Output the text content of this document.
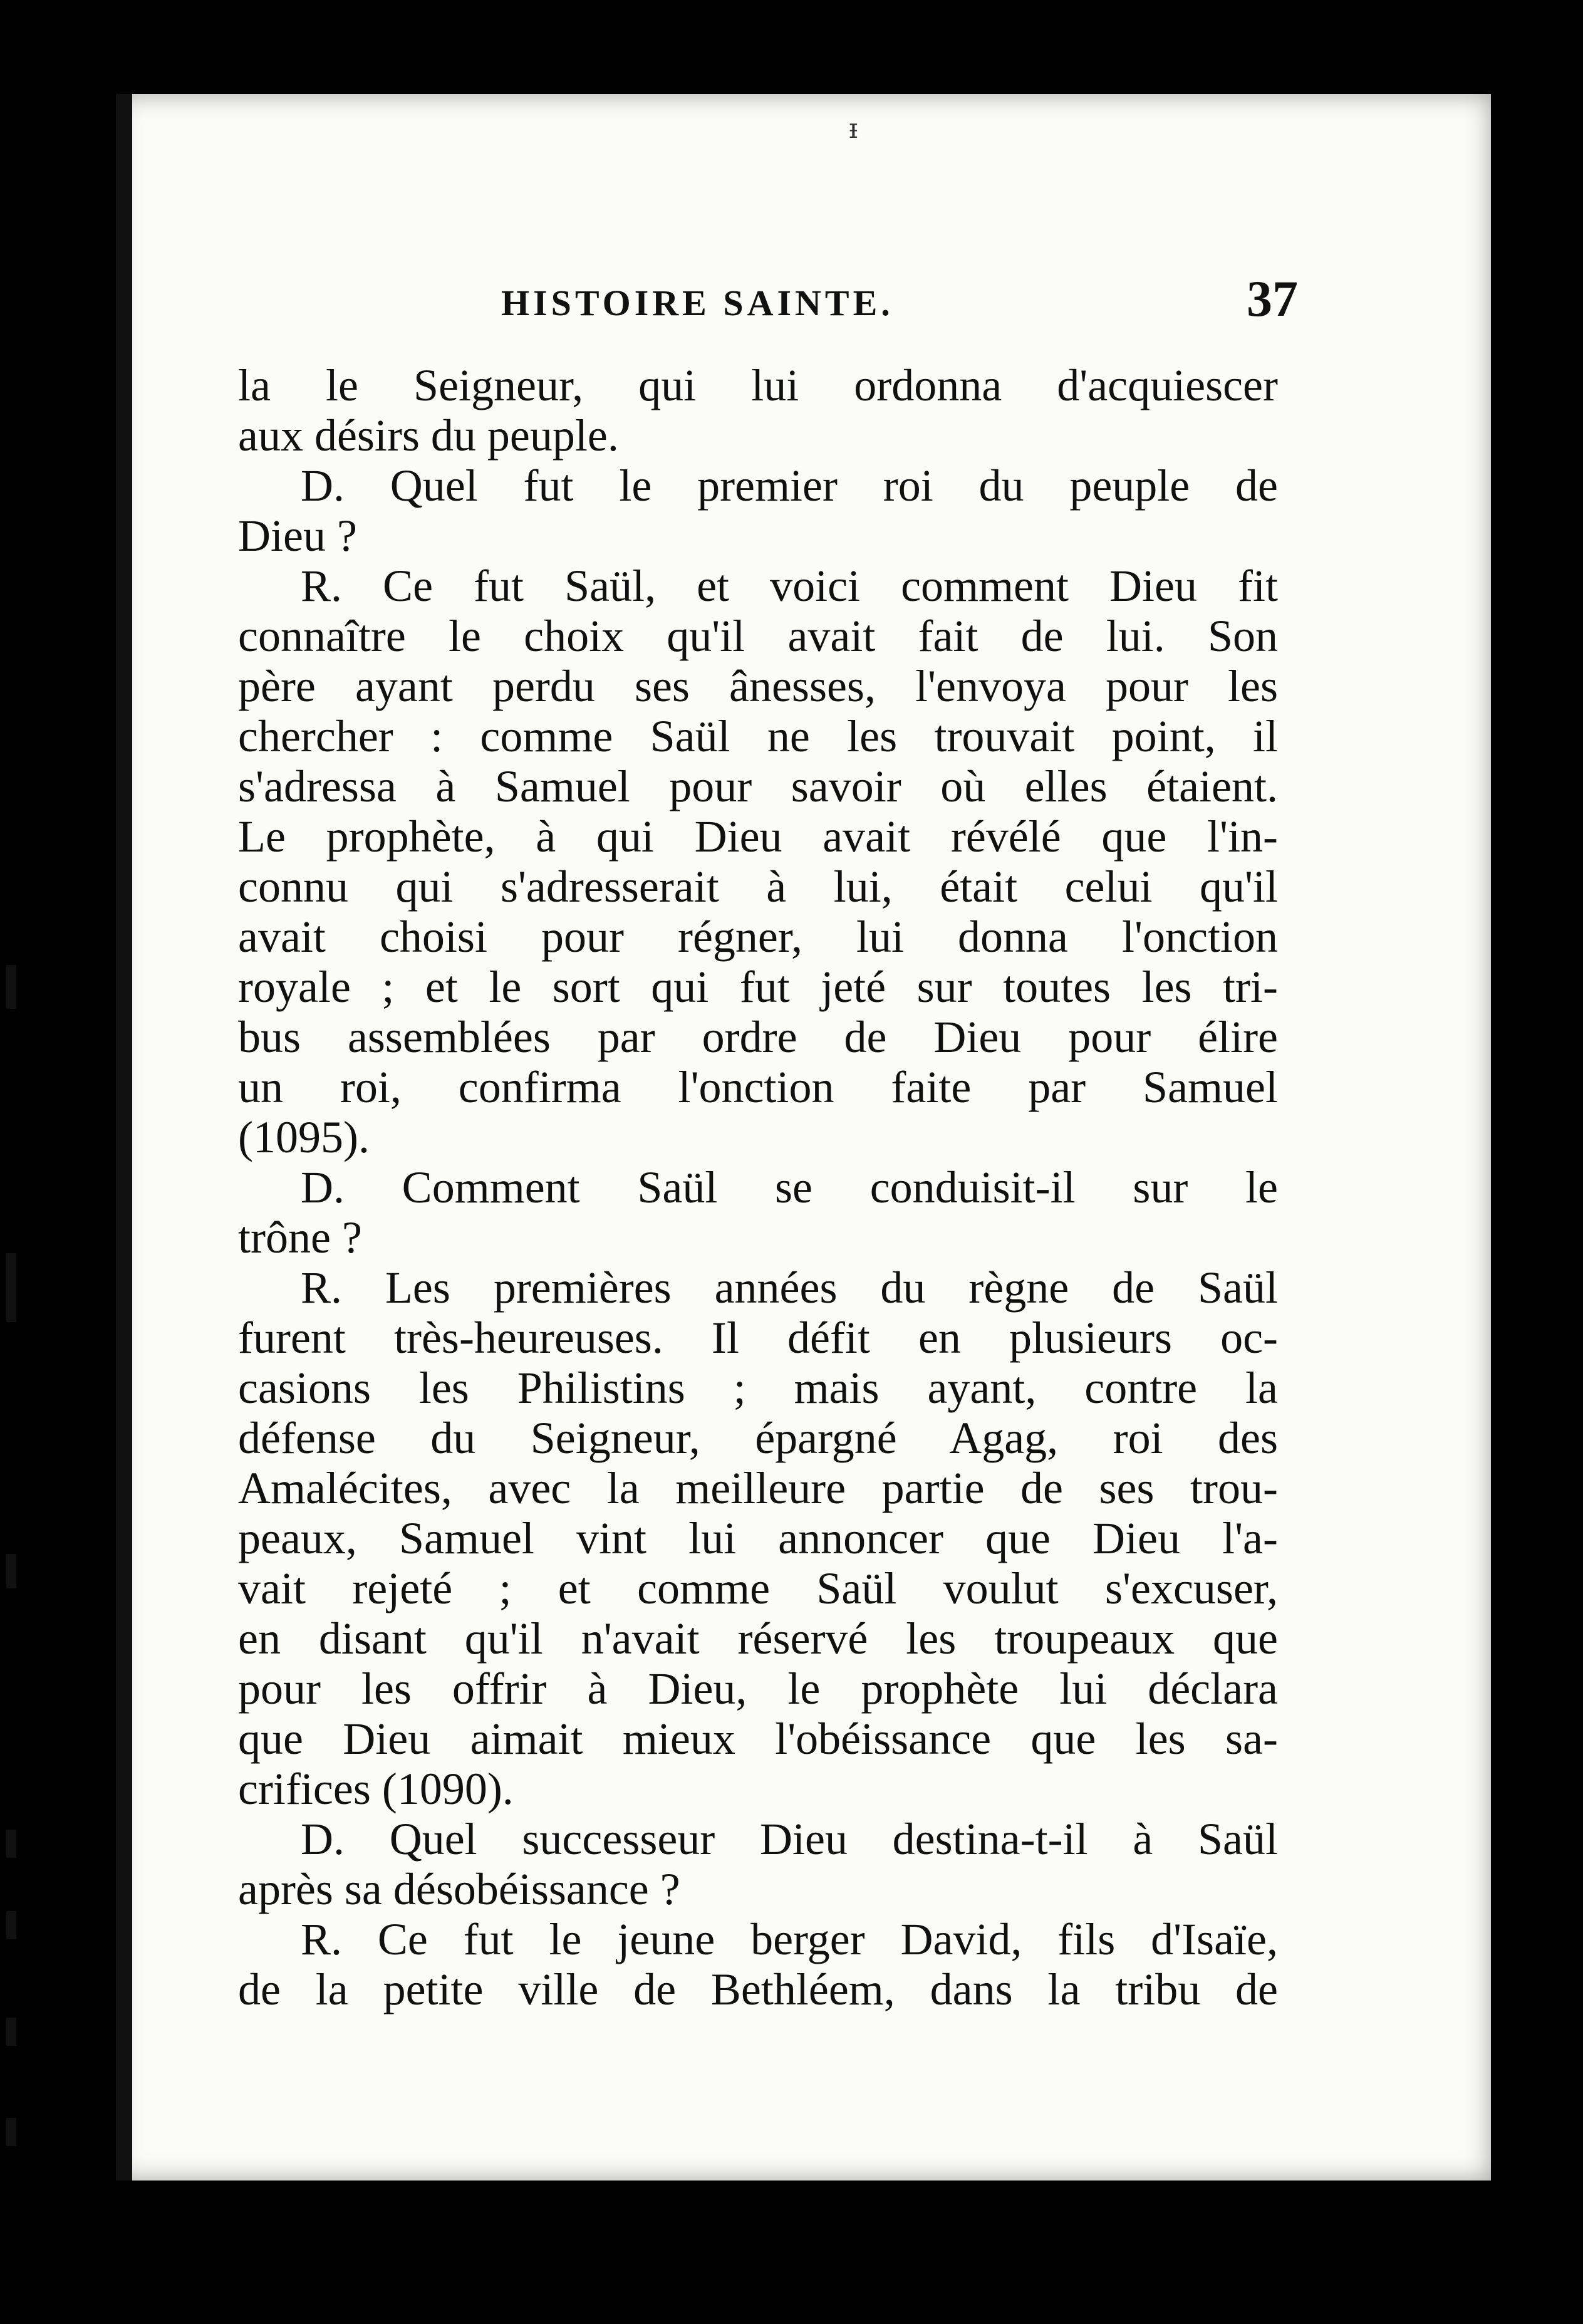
ᵻ
HISTOIRE SAINTE.	37
la le Seigneur, qui lui ordonna d'acquiescer
aux désirs du peuple.
D. Quel fut le premier roi du peuple de
Dieu ?
R. Ce fut Saül, et voici comment Dieu fit
connaître le choix qu'il avait fait de lui. Son
père ayant perdu ses ânesses, l'envoya pour les
chercher : comme Saül ne les trouvait point, il
s'adressa à Samuel pour savoir où elles étaient.
Le prophète, à qui Dieu avait révélé que l'in-
connu qui s'adresserait à lui, était celui qu'il
avait choisi pour régner, lui donna l'onction
royale ; et le sort qui fut jeté sur toutes les tri-
bus assemblées par ordre de Dieu pour élire
un roi, confirma l'onction faite par Samuel
(1095).
D. Comment Saül se conduisit-il sur le
trône ?
R. Les premières années du règne de Saül
furent très-heureuses. Il défit en plusieurs oc-
casions les Philistins ; mais ayant, contre la
défense du Seigneur, épargné Agag, roi des
Amalécites, avec la meilleure partie de ses trou-
peaux, Samuel vint lui annoncer que Dieu l'a-
vait rejeté ; et comme Saül voulut s'excuser,
en disant qu'il n'avait réservé les troupeaux que
pour les offrir à Dieu, le prophète lui déclara
que Dieu aimait mieux l'obéissance que les sa-
crifices (1090).
D. Quel successeur Dieu destina-t-il à Saül
après sa désobéissance ?
R. Ce fut le jeune berger David, fils d'Isaïe,
de la petite ville de Bethléem, dans la tribu de
